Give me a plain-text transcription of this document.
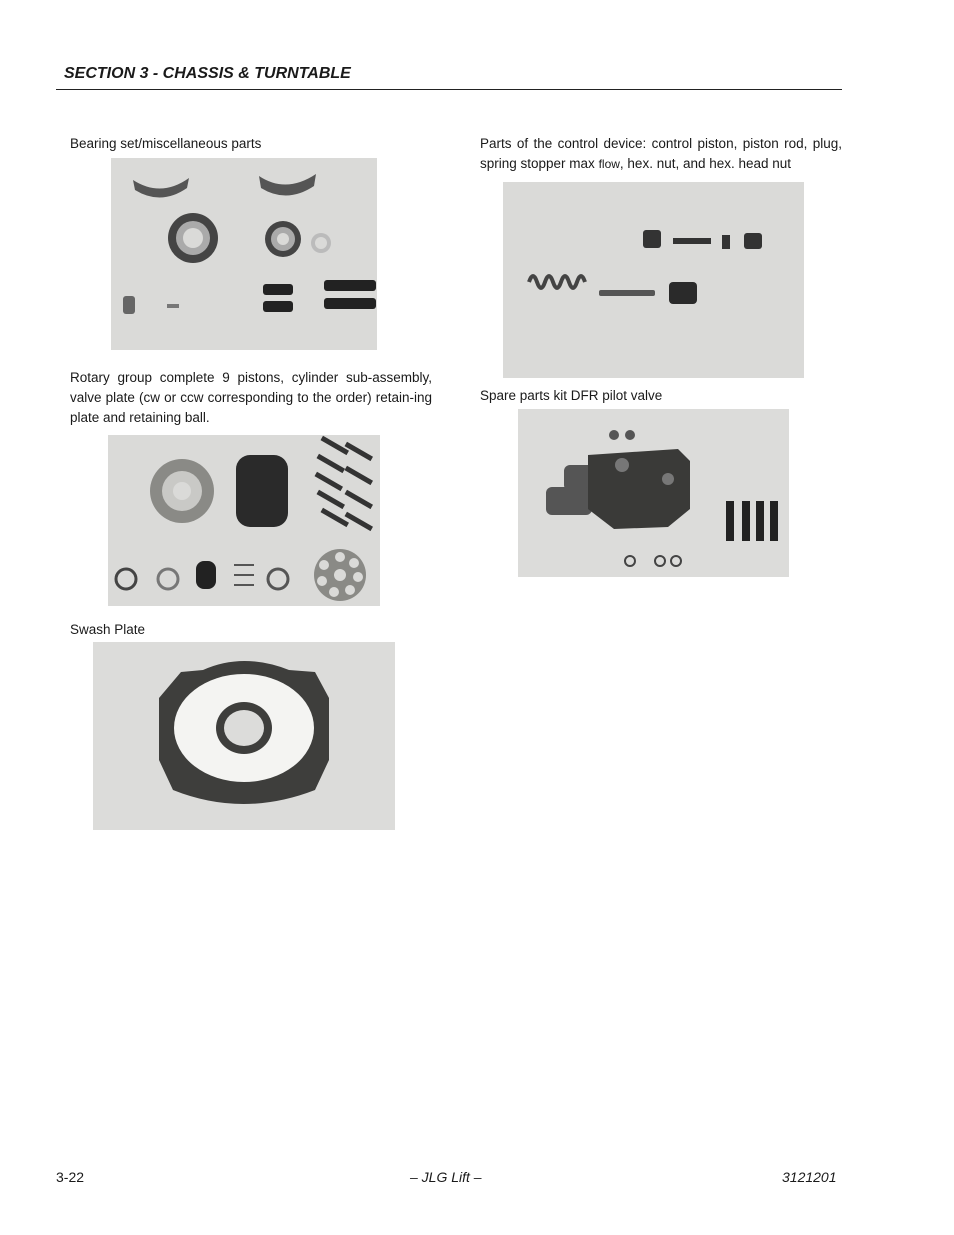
SECTION 3 - CHASSIS & TURNTABLE
Bearing set/miscellaneous parts
Rotary group complete 9 pistons, cylinder sub-assembly, valve plate (cw or ccw corresponding to the order) retain-ing plate and retaining ball.
Swash Plate
Parts of the control device: control piston, piston rod, plug, spring stopper max flow, hex. nut, and hex. head nut
Spare parts kit DFR pilot valve
3-22	– JLG Lift –	3121201
